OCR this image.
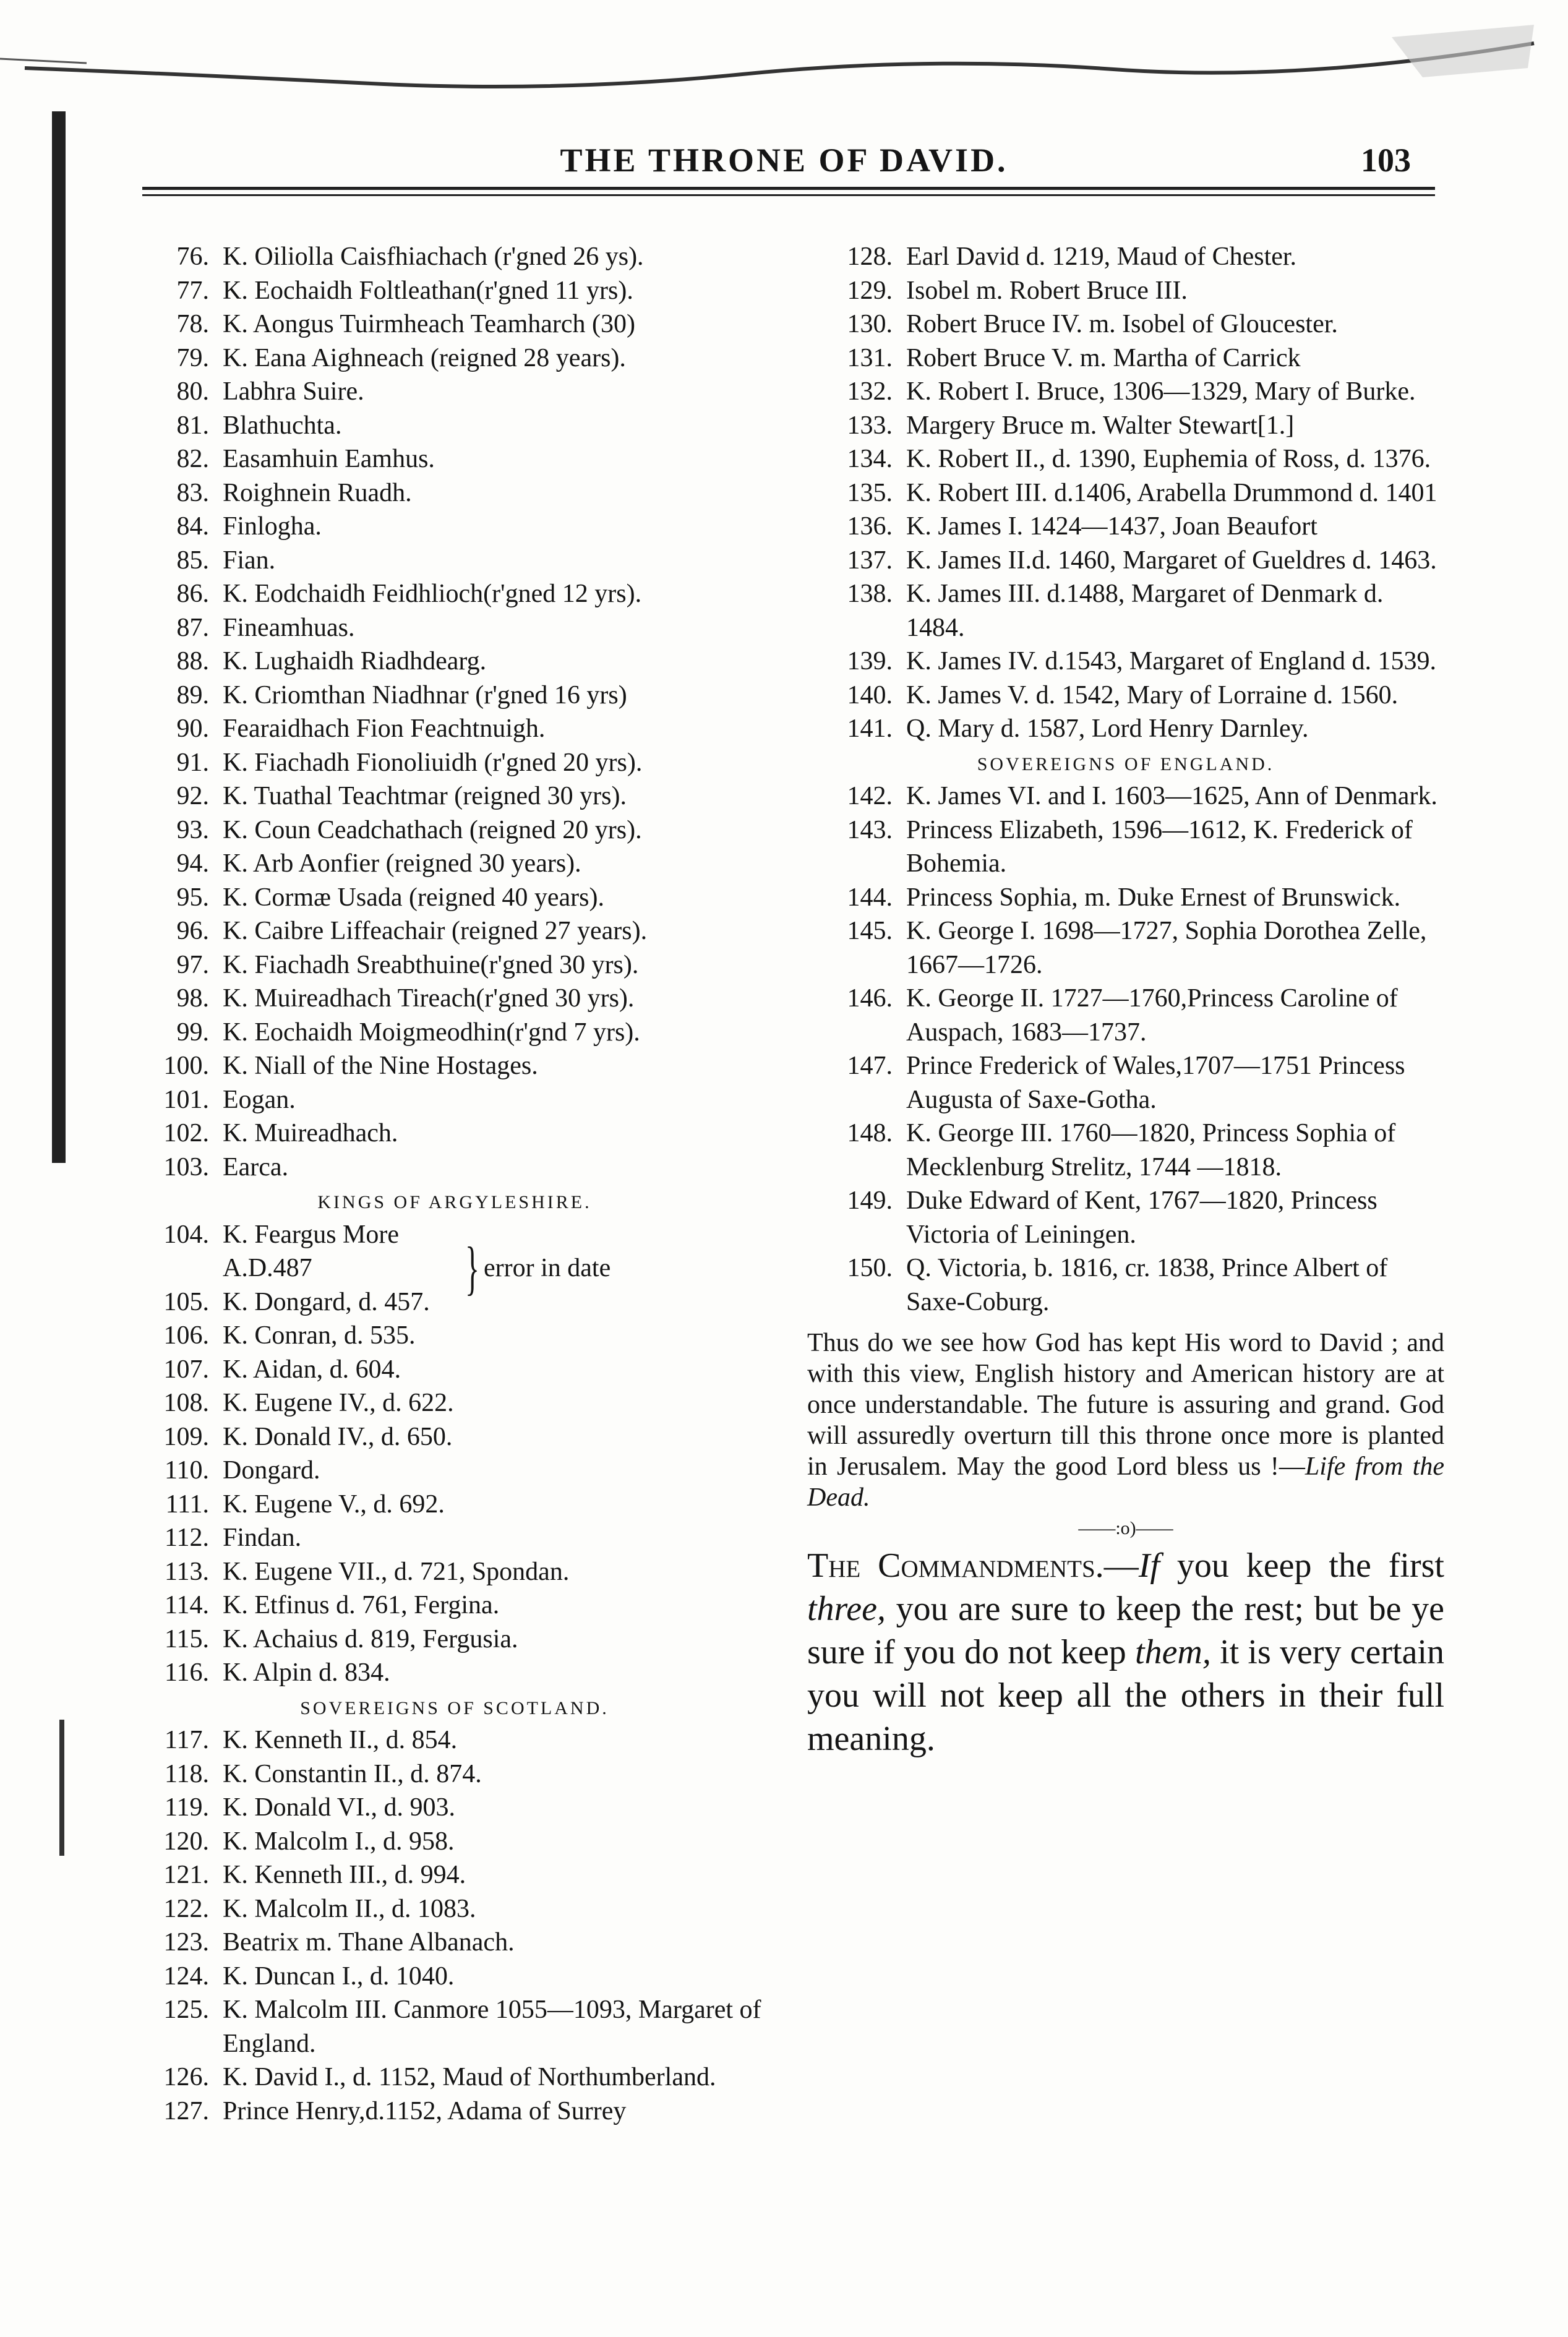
THE THRONE OF DAVID.	103
76. K. Oiliolla Caisfhiachach (r'gned 26 ys).
77. K. Eochaidh Foltleathan(r'gned 11 yrs).
78. K. Aongus Tuirmheach Teamharch (30)
79. K. Eana Aighneach (reigned 28 years).
80. Labhra Suire.
81. Blathuchta.
82. Easamhuin Eamhus.
83. Roighnein Ruadh.
84. Finlogha.
85. Fian.
86. K. Eodchaidh Feidhlioch(r'gned 12 yrs).
87. Fineamhuas.
88. K. Lughaidh Riadhdearg.
89. K. Criomthan Niadhnar (r'gned 16 yrs)
90. Fearaidhach Fion Feachtnuigh.
91. K. Fiachadh Fionoliuidh (r'gned 20 yrs).
92. K. Tuathal Teachtmar (reigned 30 yrs).
93. K. Coun Ceadchathach (reigned 20 yrs).
94. K. Arb Aonfier (reigned 30 years).
95. K. Cormæ Usada (reigned 40 years).
96. K. Caibre Liffeachair (reigned 27 years).
97. K. Fiachadh Sreabthuine(r'gned 30 yrs).
98. K. Muireadhach Tireach(r'gned 30 yrs).
99. K. Eochaidh Moigmeodhin(r'gnd 7 yrs).
100. K. Niall of the Nine Hostages.
101. Eogan.
102. K. Muireadhach.
103. Earca.
KINGS OF ARGYLESHIRE.
104. K. Feargus More A.D.487
105. K. Dongard, d. 457.
} error in date
106. K. Conran, d. 535.
107. K. Aidan, d. 604.
108. K. Eugene IV., d. 622.
109. K. Donald IV., d. 650.
110. Dongard.
111. K. Eugene V., d. 692.
112. Findan.
113. K. Eugene VII., d. 721, Spondan.
114. K. Etfinus d. 761, Fergina.
115. K. Achaius d. 819, Fergusia.
116. K. Alpin d. 834.
SOVEREIGNS OF SCOTLAND.
117. K. Kenneth II., d. 854.
118. K. Constantin II., d. 874.
119. K. Donald VI., d. 903.
120. K. Malcolm I., d. 958.
121. K. Kenneth III., d. 994.
122. K. Malcolm II., d. 1083.
123. Beatrix m. Thane Albanach.
124. K. Duncan I., d. 1040.
125. K. Malcolm III. Canmore 1055—1093, Margaret of England.
126. K. David I., d. 1152, Maud of Northumberland.
127. Prince Henry,d.1152, Adama of Surrey
128. Earl David d. 1219, Maud of Chester.
129. Isobel m. Robert Bruce III.
130. Robert Bruce IV. m. Isobel of Gloucester.
131. Robert Bruce V. m. Martha of Carrick
132. K. Robert I. Bruce, 1306—1329, Mary of Burke.
133. Margery Bruce m. Walter Stewart[1.]
134. K. Robert II., d. 1390, Euphemia of Ross, d. 1376.
135. K. Robert III. d.1406, Arabella Drummond d. 1401
136. K. James I. 1424—1437, Joan Beaufort
137. K. James II.d. 1460, Margaret of Gueldres d. 1463.
138. K. James III. d.1488, Margaret of Denmark d. 1484.
139. K. James IV. d.1543, Margaret of England d. 1539.
140. K. James V. d. 1542, Mary of Lorraine d. 1560.
141. Q. Mary d. 1587, Lord Henry Darnley.
SOVEREIGNS OF ENGLAND.
142. K. James VI. and I. 1603—1625, Ann of Denmark.
143. Princess Elizabeth, 1596—1612, K. Frederick of Bohemia.
144. Princess Sophia, m. Duke Ernest of Brunswick.
145. K. George I. 1698—1727, Sophia Dorothea Zelle, 1667—1726.
146. K. George II. 1727—1760,Princess Caroline of Auspach, 1683—1737.
147. Prince Frederick of Wales,1707—1751 Princess Augusta of Saxe-Gotha.
148. K. George III. 1760—1820, Princess Sophia of Mecklenburg Strelitz, 1744 —1818.
149. Duke Edward of Kent, 1767—1820, Princess Victoria of Leiningen.
150. Q. Victoria, b. 1816, cr. 1838, Prince Albert of Saxe-Coburg.
Thus do we see how God has kept His word to David ; and with this view, English history and American history are at once understandable. The future is assuring and grand. God will assuredly overturn till this throne once more is planted in Jerusalem. May the good Lord bless us !—Life from the Dead.
——:o)——
The Commandments.—If you keep the first three, you are sure to keep the rest; but be ye sure if you do not keep them, it is very certain you will not keep all the others in their full meaning.
